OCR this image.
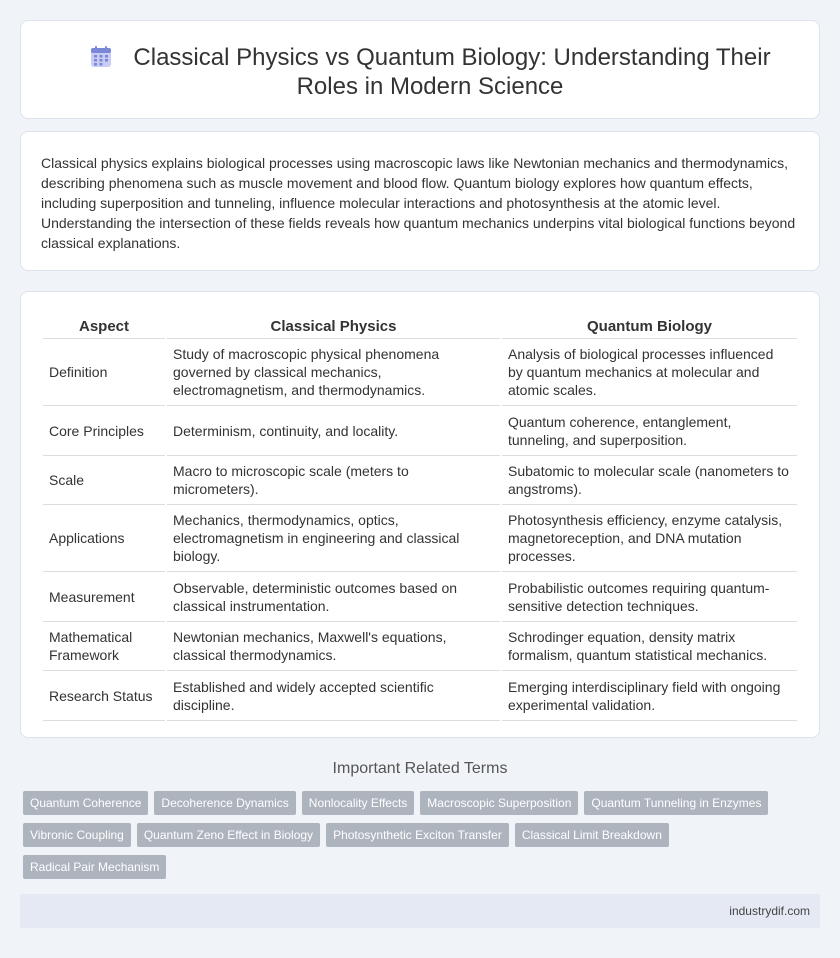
Classical Physics vs Quantum Biology: Understanding Their Roles in Modern Science

Classical physics explains biological processes using macroscopic laws like Newtonian mechanics and thermodynamics, describing phenomena such as muscle movement and blood flow. Quantum biology explores how quantum effects, including superposition and tunneling, influence molecular interactions and photosynthesis at the atomic level. Understanding the intersection of these fields reveals how quantum mechanics underpins vital biological functions beyond classical explanations.

Aspect	Classical Physics	Quantum Biology
Definition	Study of macroscopic physical phenomena governed by classical mechanics, electromagnetism, and thermodynamics.	Analysis of biological processes influenced by quantum mechanics at molecular and atomic scales.
Core Principles	Determinism, continuity, and locality.	Quantum coherence, entanglement, tunneling, and superposition.
Scale	Macro to microscopic scale (meters to micrometers).	Subatomic to molecular scale (nanometers to angstroms).
Applications	Mechanics, thermodynamics, optics, electromagnetism in engineering and classical biology.	Photosynthesis efficiency, enzyme catalysis, magnetoreception, and DNA mutation processes.
Measurement	Observable, deterministic outcomes based on classical instrumentation.	Probabilistic outcomes requiring quantum-sensitive detection techniques.
Mathematical Framework	Newtonian mechanics, Maxwell's equations, classical thermodynamics.	Schrodinger equation, density matrix formalism, quantum statistical mechanics.
Research Status	Established and widely accepted scientific discipline.	Emerging interdisciplinary field with ongoing experimental validation.
Important Related Terms
Quantum Coherence	Decoherence Dynamics	Nonlocality Effects	Macroscopic Superposition	Quantum Tunneling in Enzymes
Vibronic Coupling	Quantum Zeno Effect in Biology	Photosynthetic Exciton Transfer	Classical Limit Breakdown
Radical Pair Mechanism
industrydif.com
